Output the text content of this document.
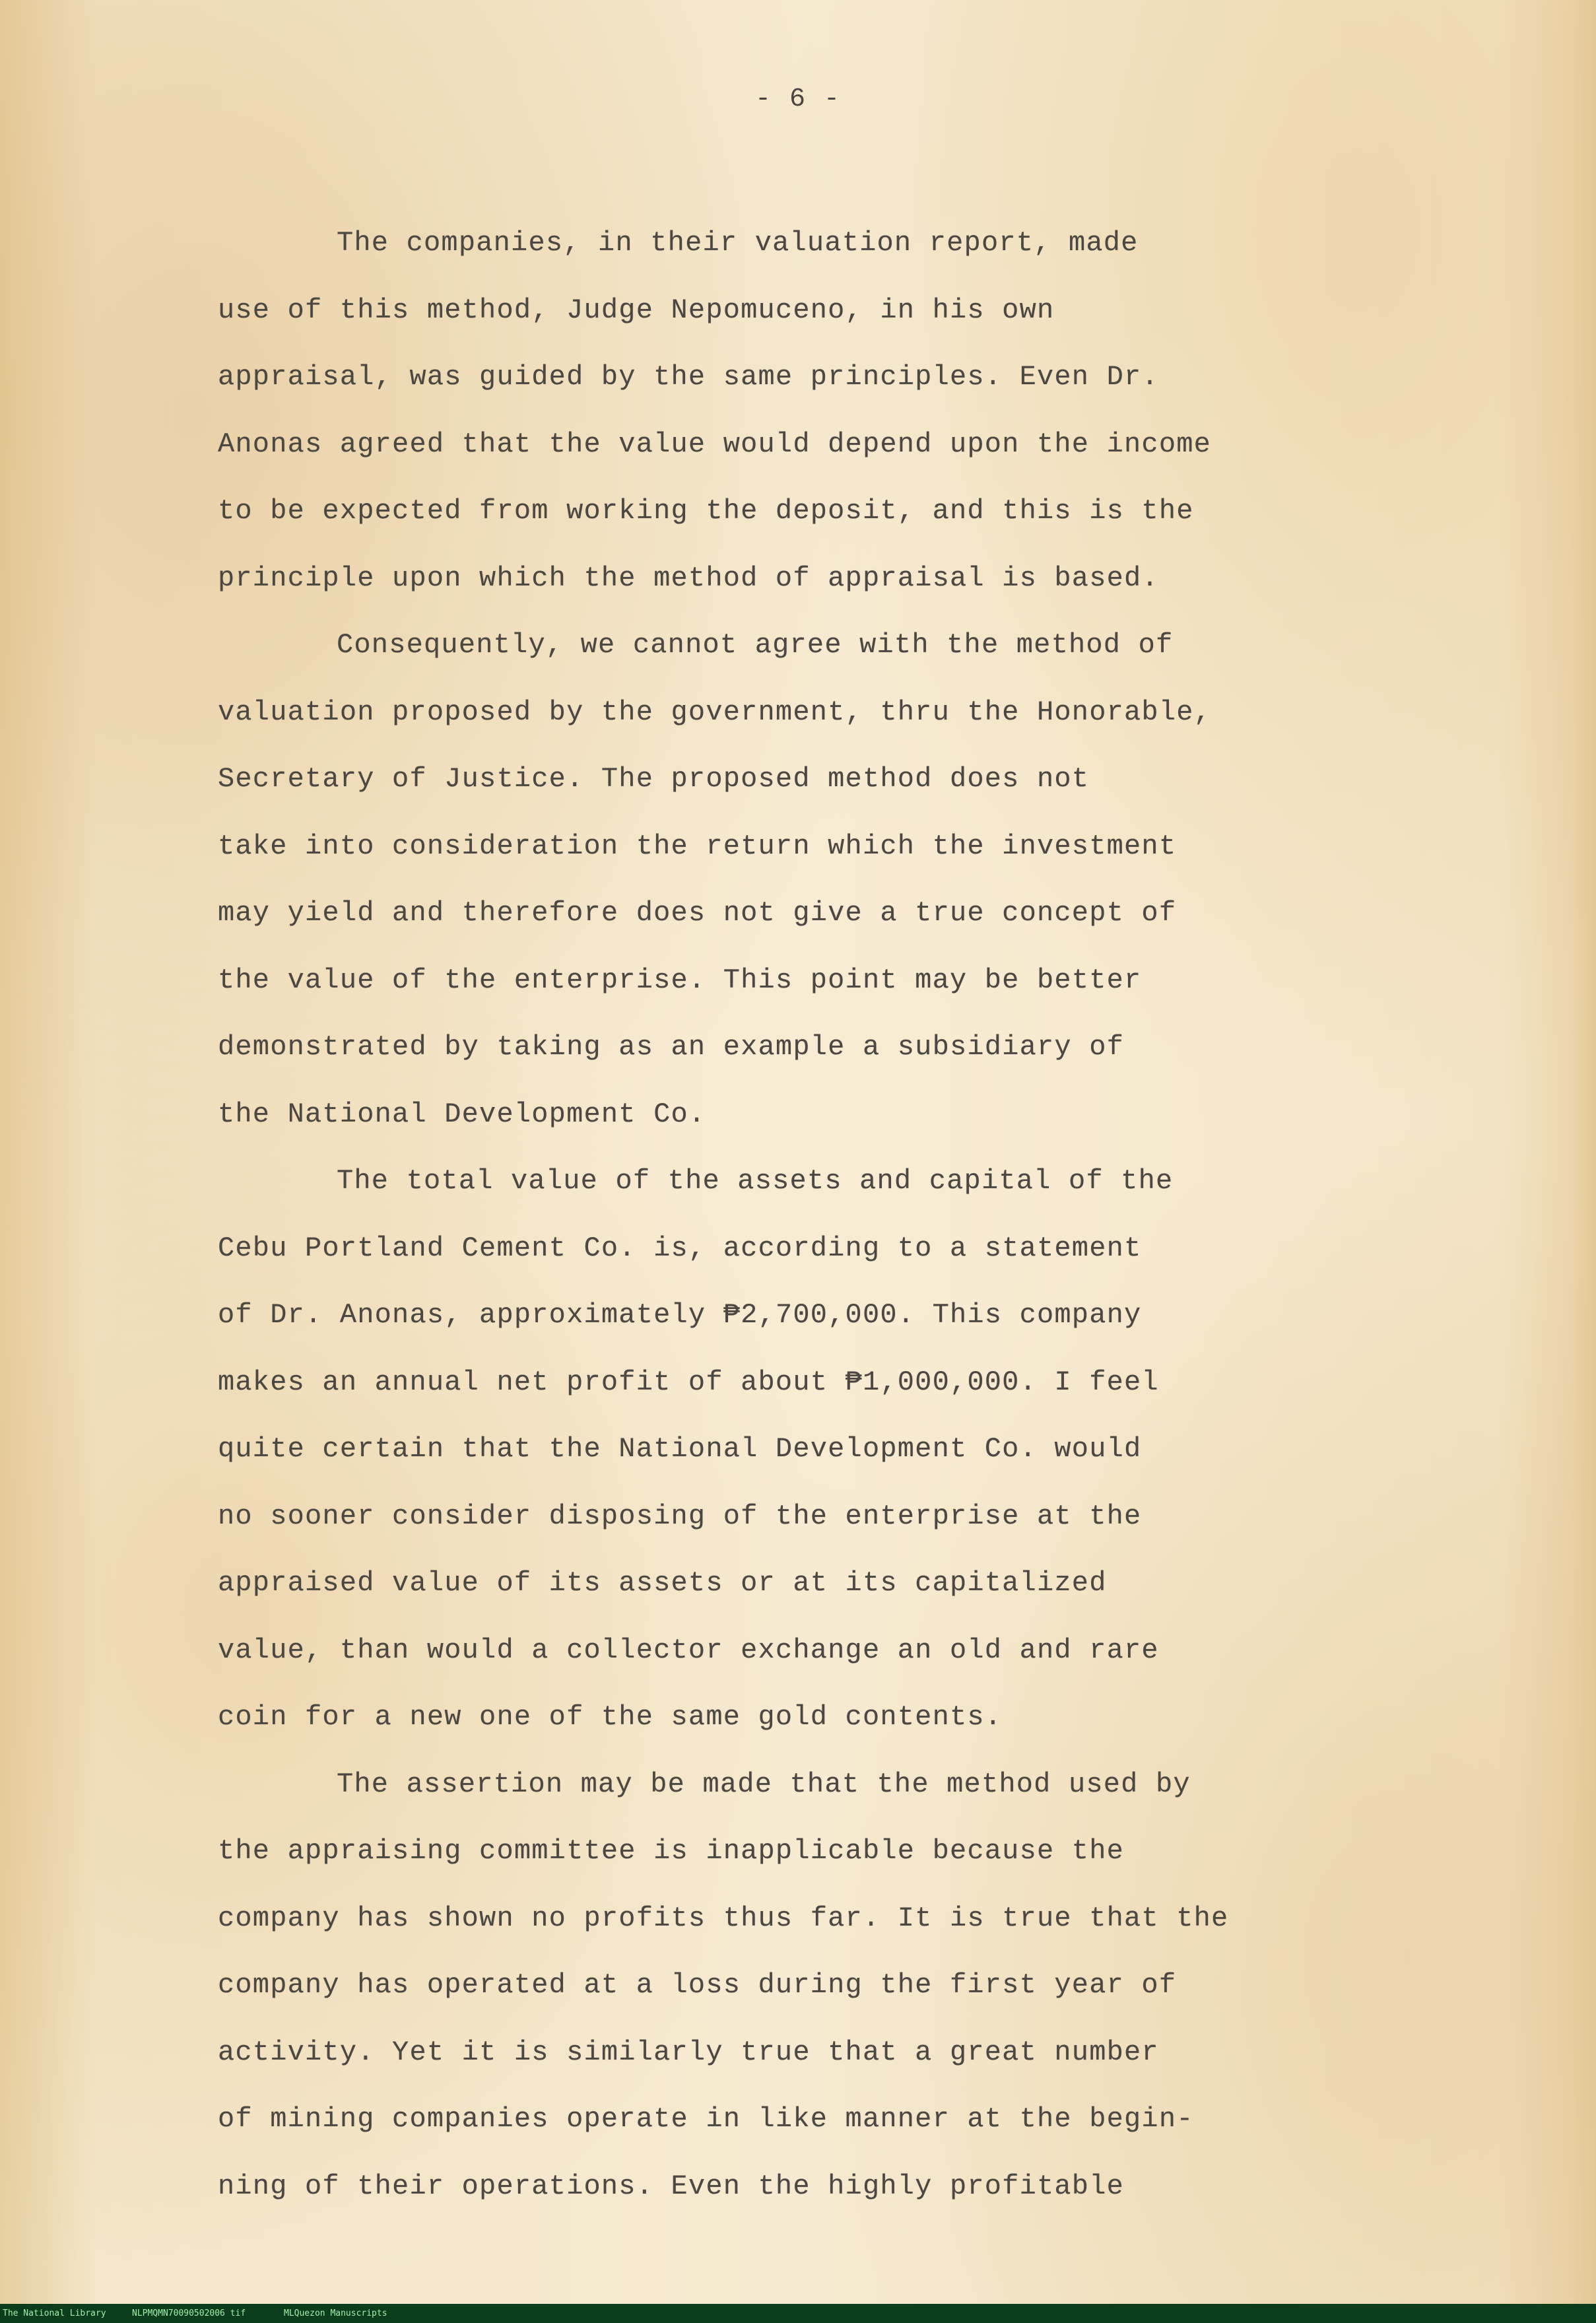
- 6 -
The companies, in their valuation report, made
use of this method, Judge Nepomuceno, in his own
appraisal, was guided by the same principles. Even Dr.
Anonas agreed that the value would depend upon the income
to be expected from working the deposit, and this is the
principle upon which the method of appraisal is based.
Consequently, we cannot agree with the method of
valuation proposed by the government, thru the Honorable,
Secretary of Justice. The proposed method does not
take into consideration the return which the investment
may yield and therefore does not give a true concept of
the value of the enterprise. This point may be better
demonstrated by taking as an example a subsidiary of
the National Development Co.
The total value of the assets and capital of the
Cebu Portland Cement Co. is, according to a statement
of Dr. Anonas, approximately ₱2,700,000. This company
makes an annual net profit of about ₱1,000,000. I feel
quite certain that the National Development Co. would
no sooner consider disposing of the enterprise at the
appraised value of its assets or at its capitalized
value, than would a collector exchange an old and rare
coin for a new one of the same gold contents.
The assertion may be made that the method used by
the appraising committee is inapplicable because the
company has shown no profits thus far. It is true that the
company has operated at a loss during the first year of
activity. Yet it is similarly true that a great number
of mining companies operate in like manner at the begin-
ning of their operations. Even the highly profitable
The National Library	NLPMQMN70090502006 tif	MLQuezon Manuscripts
